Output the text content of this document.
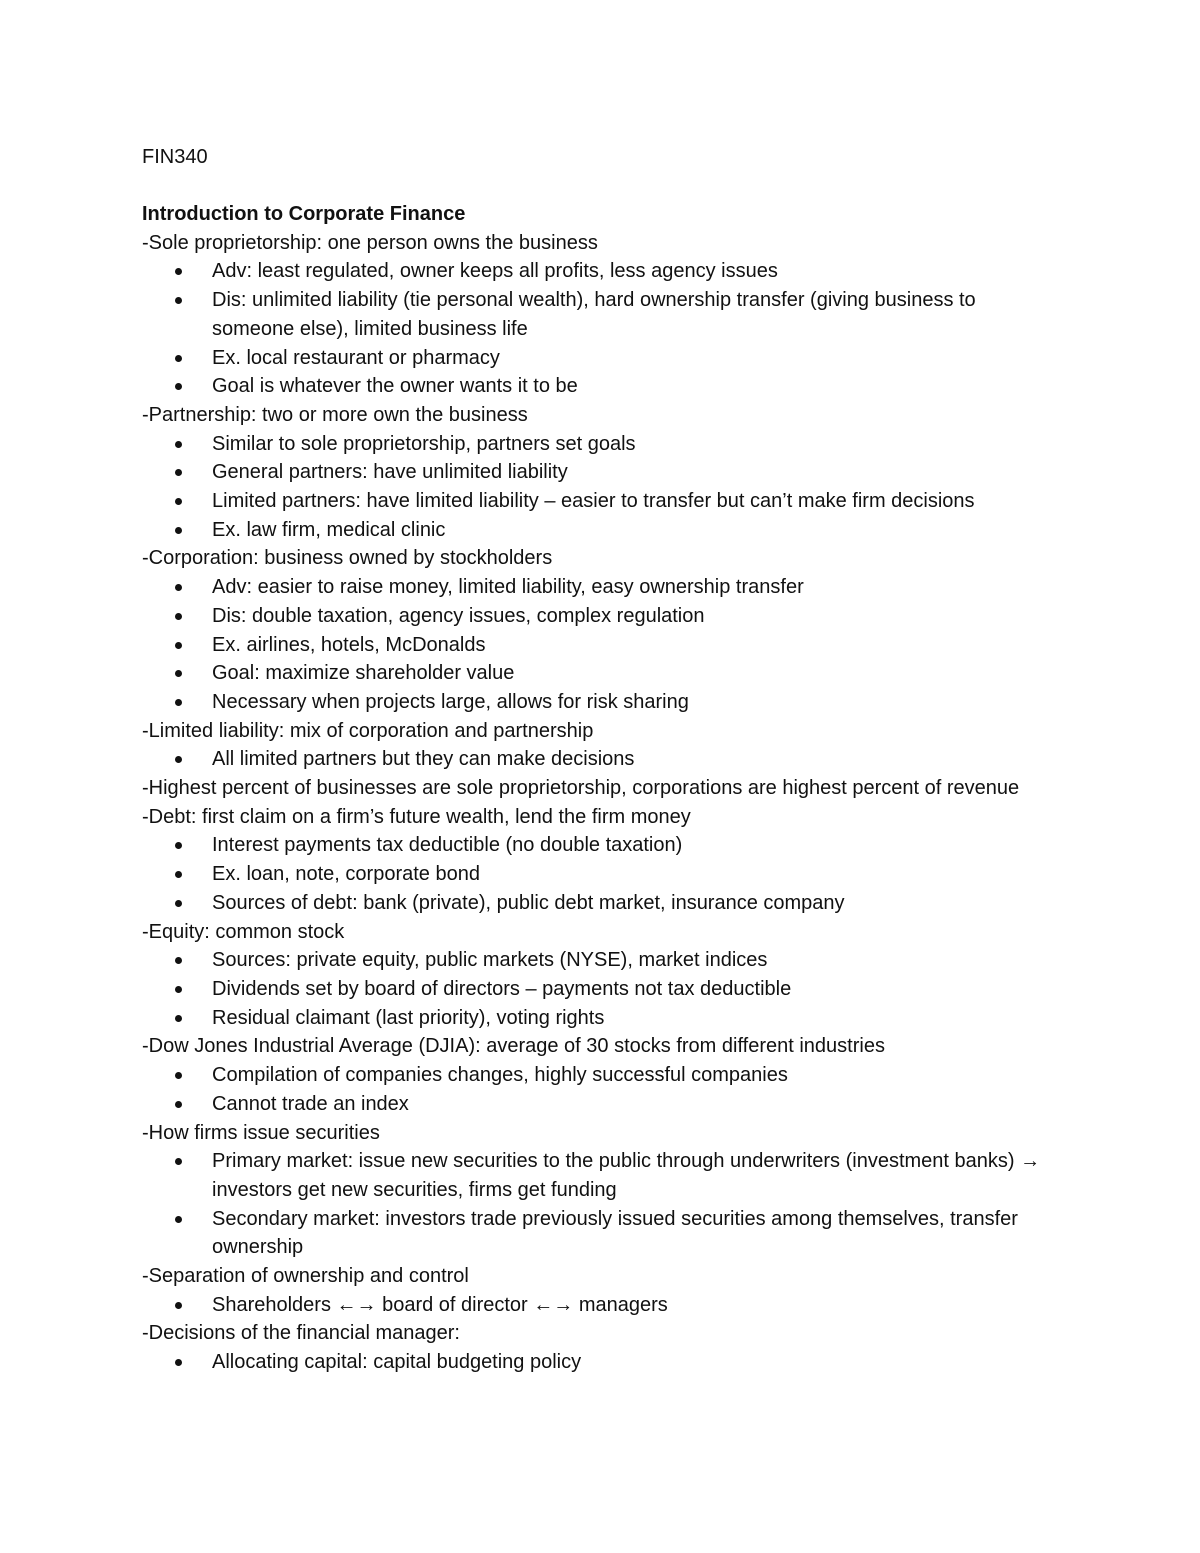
FIN340
Introduction to Corporate Finance
-Sole proprietorship: one person owns the business
Adv: least regulated, owner keeps all profits, less agency issues
Dis: unlimited liability (tie personal wealth), hard ownership transfer (giving business to someone else), limited business life
Ex. local restaurant or pharmacy
Goal is whatever the owner wants it to be
-Partnership: two or more own the business
Similar to sole proprietorship, partners set goals
General partners: have unlimited liability
Limited partners: have limited liability – easier to transfer but can’t make firm decisions
Ex. law firm, medical clinic
-Corporation: business owned by stockholders
Adv: easier to raise money, limited liability, easy ownership transfer
Dis: double taxation, agency issues, complex regulation
Ex. airlines, hotels, McDonalds
Goal: maximize shareholder value
Necessary when projects large, allows for risk sharing
-Limited liability: mix of corporation and partnership
All limited partners but they can make decisions
-Highest percent of businesses are sole proprietorship, corporations are highest percent of revenue
-Debt: first claim on a firm’s future wealth, lend the firm money
Interest payments tax deductible (no double taxation)
Ex. loan, note, corporate bond
Sources of debt: bank (private), public debt market, insurance company
-Equity: common stock
Sources: private equity, public markets (NYSE), market indices
Dividends set by board of directors – payments not tax deductible
Residual claimant (last priority), voting rights
-Dow Jones Industrial Average (DJIA): average of 30 stocks from different industries
Compilation of companies changes, highly successful companies
Cannot trade an index
-How firms issue securities
Primary market: issue new securities to the public through underwriters (investment banks) → investors get new securities, firms get funding
Secondary market: investors trade previously issued securities among themselves, transfer ownership
-Separation of ownership and control
Shareholders ←→ board of director ←→ managers
-Decisions of the financial manager:
Allocating capital: capital budgeting policy
